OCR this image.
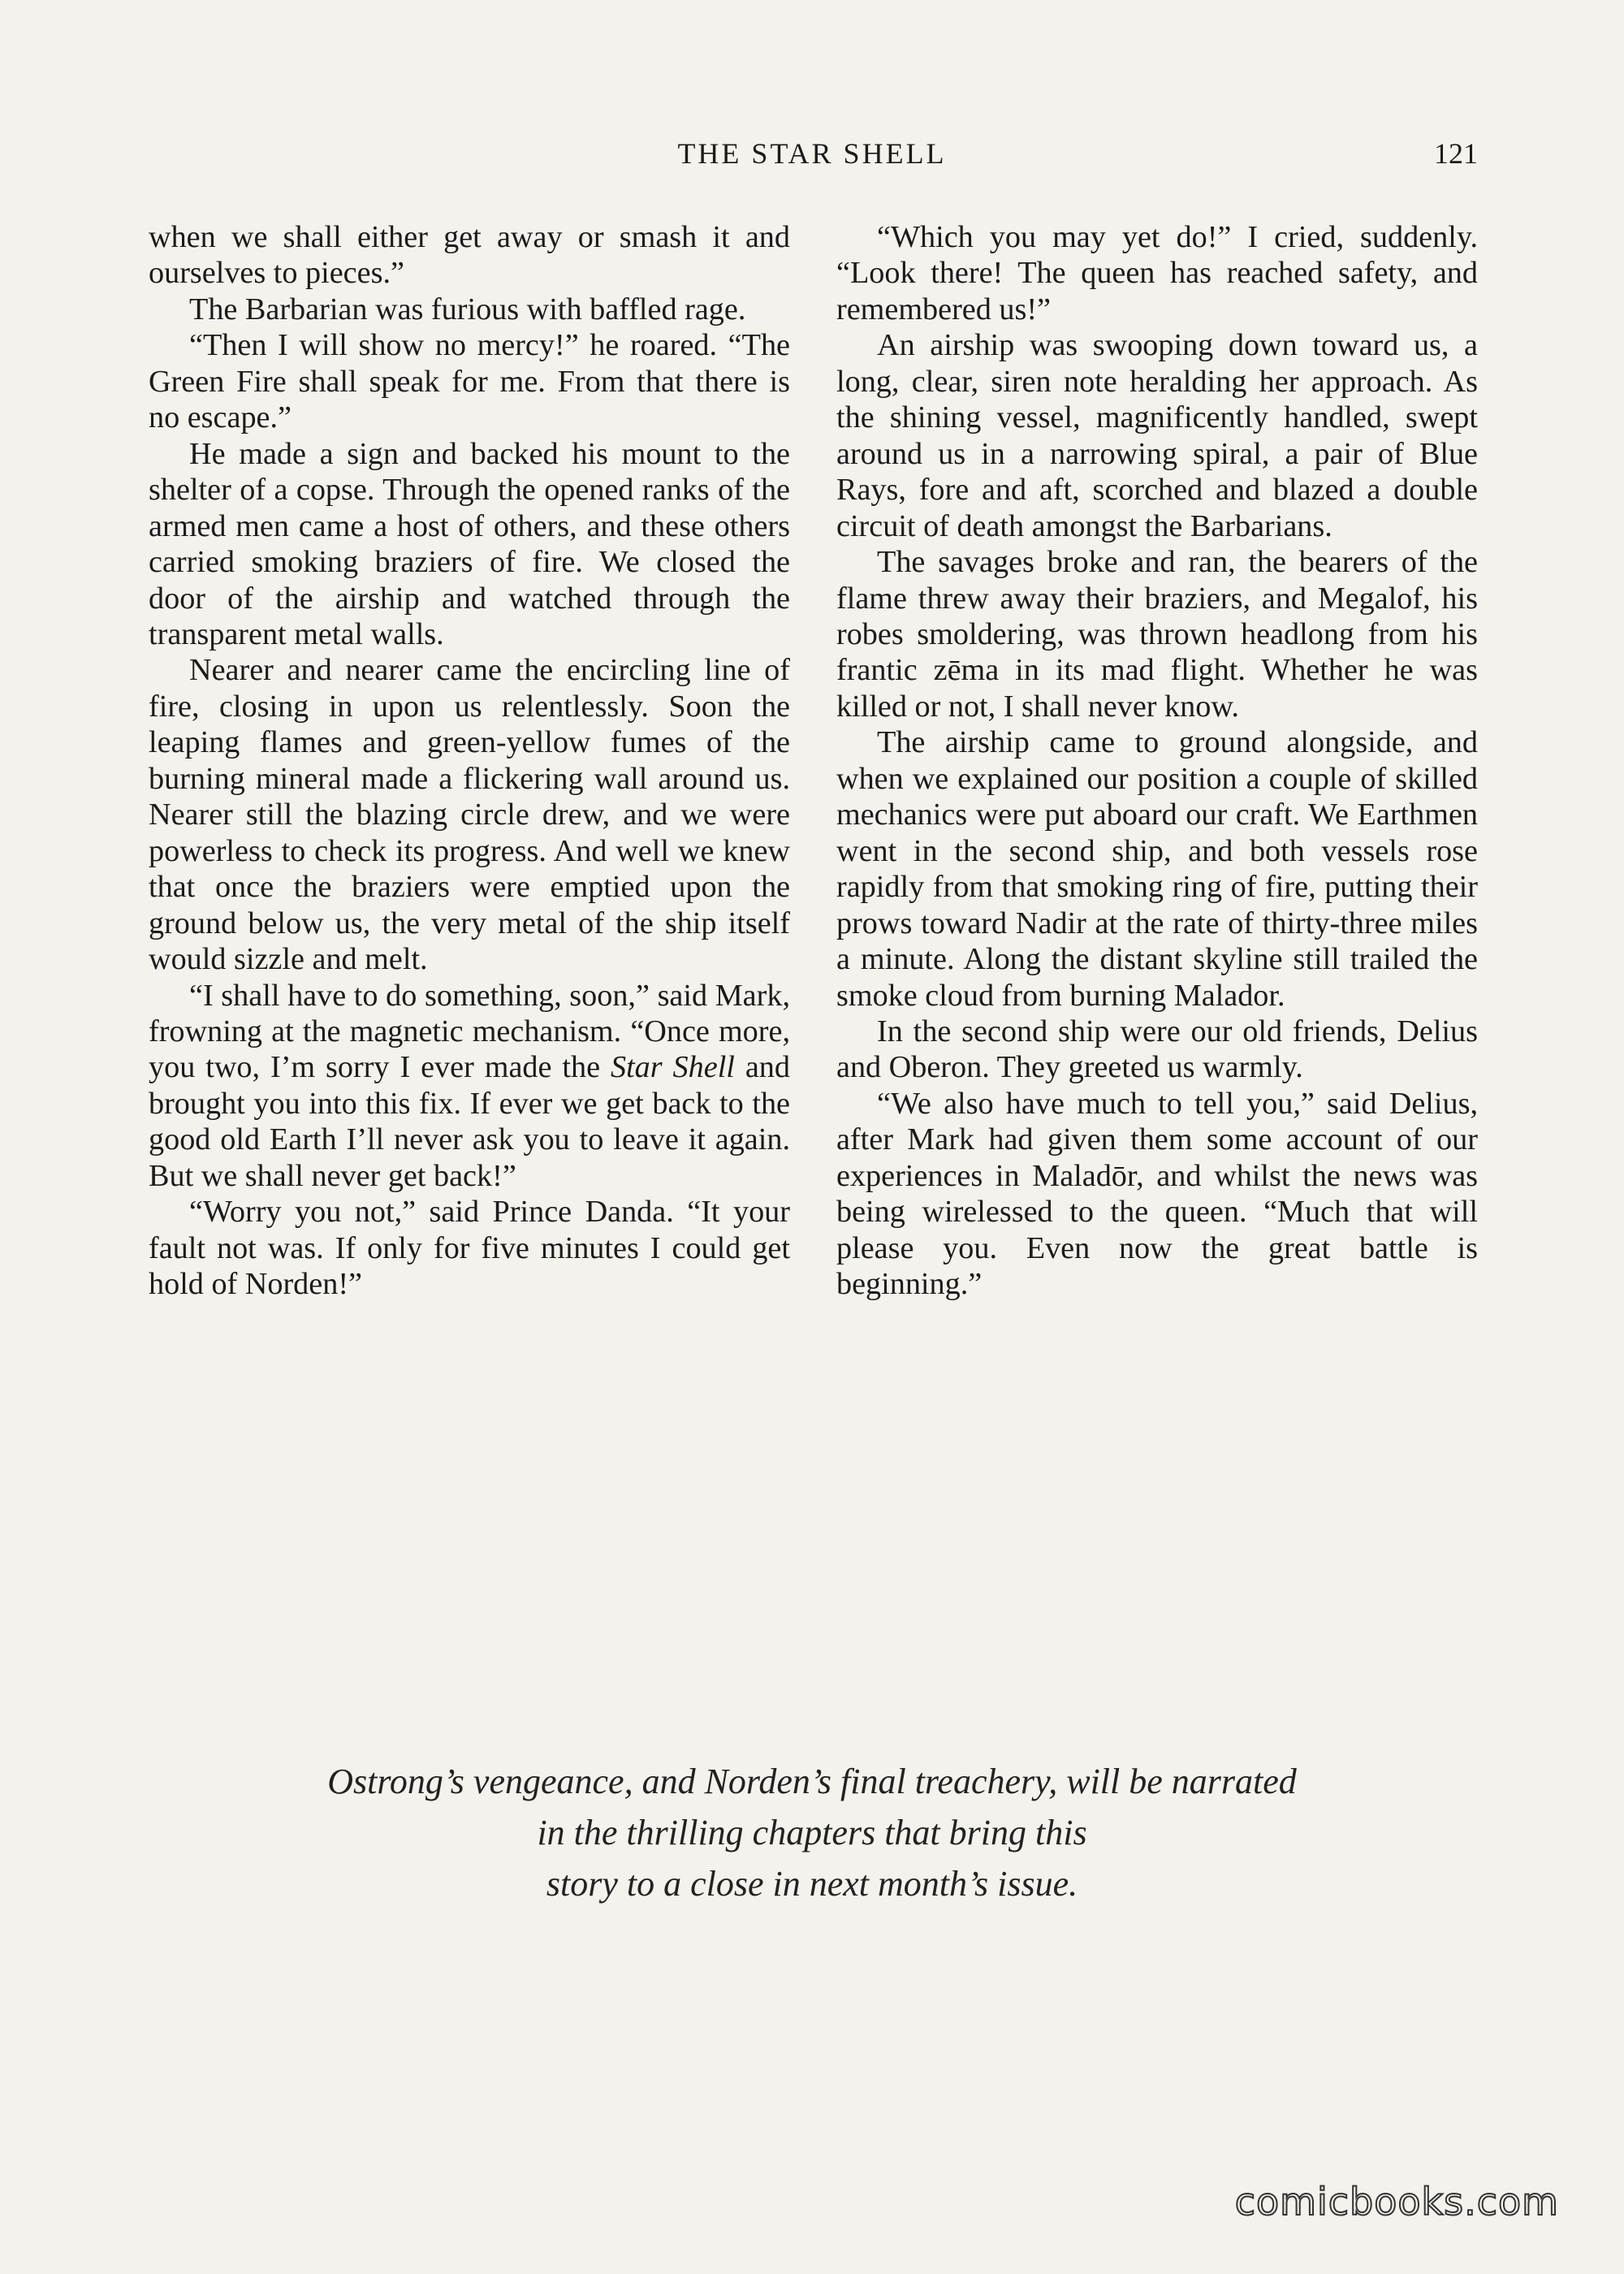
THE STAR SHELL	121

when we shall either get away or smash it and ourselves to pieces.”

The Barbarian was furious with baffled rage.

“Then I will show no mercy!” he roared. “The Green Fire shall speak for me. From that there is no escape.”

He made a sign and backed his mount to the shelter of a copse. Through the opened ranks of the armed men came a host of others, and these others carried smoking braziers of fire. We closed the door of the airship and watched through the transparent metal walls.

Nearer and nearer came the encircling line of fire, closing in upon us relentlessly. Soon the leaping flames and green-yellow fumes of the burning mineral made a flickering wall around us. Nearer still the blazing circle drew, and we were powerless to check its progress. And well we knew that once the braziers were emptied upon the ground below us, the very metal of the ship itself would sizzle and melt.

“I shall have to do something, soon,” said Mark, frowning at the magnetic mechanism. “Once more, you two, I’m sorry I ever made the Star Shell and brought you into this fix. If ever we get back to the good old Earth I’ll never ask you to leave it again. But we shall never get back!”

“Worry you not,” said Prince Danda. “It your fault not was. If only for five minutes I could get hold of Norden!”

“Which you may yet do!” I cried, suddenly. “Look there! The queen has reached safety, and remembered us!”

An airship was swooping down toward us, a long, clear, siren note heralding her approach. As the shining vessel, magnificently handled, swept around us in a narrowing spiral, a pair of Blue Rays, fore and aft, scorched and blazed a double circuit of death amongst the Barbarians.

The savages broke and ran, the bearers of the flame threw away their braziers, and Megalof, his robes smoldering, was thrown headlong from his frantic zēma in its mad flight. Whether he was killed or not, I shall never know.

The airship came to ground alongside, and when we explained our position a couple of skilled mechanics were put aboard our craft. We Earthmen went in the second ship, and both vessels rose rapidly from that smoking ring of fire, putting their prows toward Nadir at the rate of thirty-three miles a minute. Along the distant skyline still trailed the smoke cloud from burning Malador.

In the second ship were our old friends, Delius and Oberon. They greeted us warmly.

“We also have much to tell you,” said Delius, after Mark had given them some account of our experiences in Maladōr, and whilst the news was being wirelessed to the queen. “Much that will please you. Even now the great battle is beginning.”

Ostrong’s vengeance, and Norden’s final treachery, will be narrated
in the thrilling chapters that bring this
story to a close in next month’s issue.
comicbooks.com
